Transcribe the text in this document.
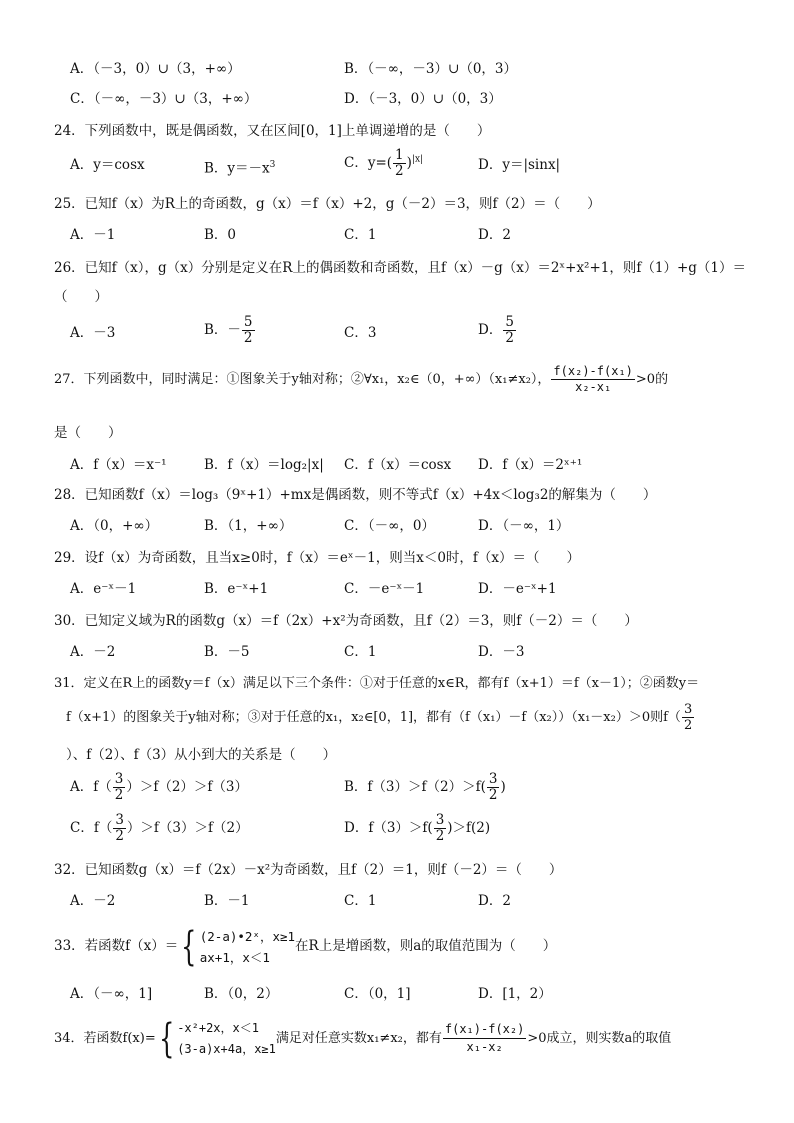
A．（－3，0）∪（3，+∞）	B．（－∞，－3）∪（0，3）
C．（－∞，－3）∪（3，+∞）	D．（－3，0）∪（0，3）
24．下列函数中，既是偶函数，又在区间[0，1]上单调递增的是（　　）
A．y＝cosx	B．$y=-x^3$	C．$y=( \frac{1}{2} )^{|x|}$	D．y＝|sinx|
25．已知f（x）为R上的奇函数，g（x）＝f（x）+2，g（－2）＝3，则f（2）＝（　　）
A．－1	B．0	C．1	D．2
26．已知f（x），g（x）分别是定义在R上的偶函数和奇函数，且f（x）－g（x）＝2ˣ+x²+1，则f（1）+g（1）＝
（　　）
A．－3	B．－ $\frac{5}{2}$	C．3	D． $\frac{5}{2}$
27．下列函数中，同时满足：①图象关于y轴对称；②∀x₁，x₂∈（0，+∞）（x₁≠x₂）， $\frac{\text{f(x₂)-f(x₁)}}{\text{x₂-x₁}} >0$的
是（　　）
A．f（x）＝x⁻¹	B．f（x）＝log₂|x| C．f（x）＝cosx D．f（x）＝2ˣ⁺¹
28．已知函数f（x）＝log₃（9ˣ+1）+mx是偶函数，则不等式f（x）+4x＜log₃2的解集为（　　）
A．（0，+∞）	B．（1，+∞）	C．（－∞，0）	D．（－∞，1）
29．设f（x）为奇函数，且当x≥0时，f（x）＝eˣ－1，则当x＜0时，f（x）＝（　　）
A．e⁻ˣ－1	B．e⁻ˣ+1	C．－e⁻ˣ－1	D．－e⁻ˣ+1
30．已知定义域为R的函数g（x）＝f（2x）+x²为奇函数，且f（2）＝3，则f（－2）＝（　　）
A．－2	B．－5	C．1	D．－3
31．定义在R上的函数y＝f（x）满足以下三个条件：①对于任意的x∈R，都有f（x+1）＝f（x－1）；②函数y＝
f（x+1）的图象关于y轴对称；③对于任意的x₁，x₂∈[0，1]，都有（f（x₁）－f（x₂））（x₁－x₂）＞0则$f( \frac{3}{2}$
）、f（2）、f（3）从小到大的关系是（　　）
A．$f( \frac{3}{2} )>f(2)>f(3)$	B．$f(3)>f(2)>f( \frac{3}{2}$ )
C．$f( \frac{3}{2} )>f(3)>f(2)$	D．$f(3)>f( \frac{3}{2} )>f(2)$
32．已知函数g（x）＝f（2x）－x²为奇函数，且f（2）＝1，则f（－2）＝（　　）
A．－2	B．－1	C．1	D．2
33．若函数f（x）＝{ (2-a)•2ˣ，x≥1
ax+1，x＜1
在R上是增函数，则a的取值范围为（　　）
A．（－∞，1]	B．（0，2）	C．（0，1]	D．[1，2）
34．若函数f(x)={ -x²+2x，x＜1
(3-a)x+4a，x≥1
满足对任意实数x₁≠x₂，都有 $\frac{\text{f(x₁)-f(x₂)}}{\text{x₁-x₂}} >0$成立，则实数a的取值
